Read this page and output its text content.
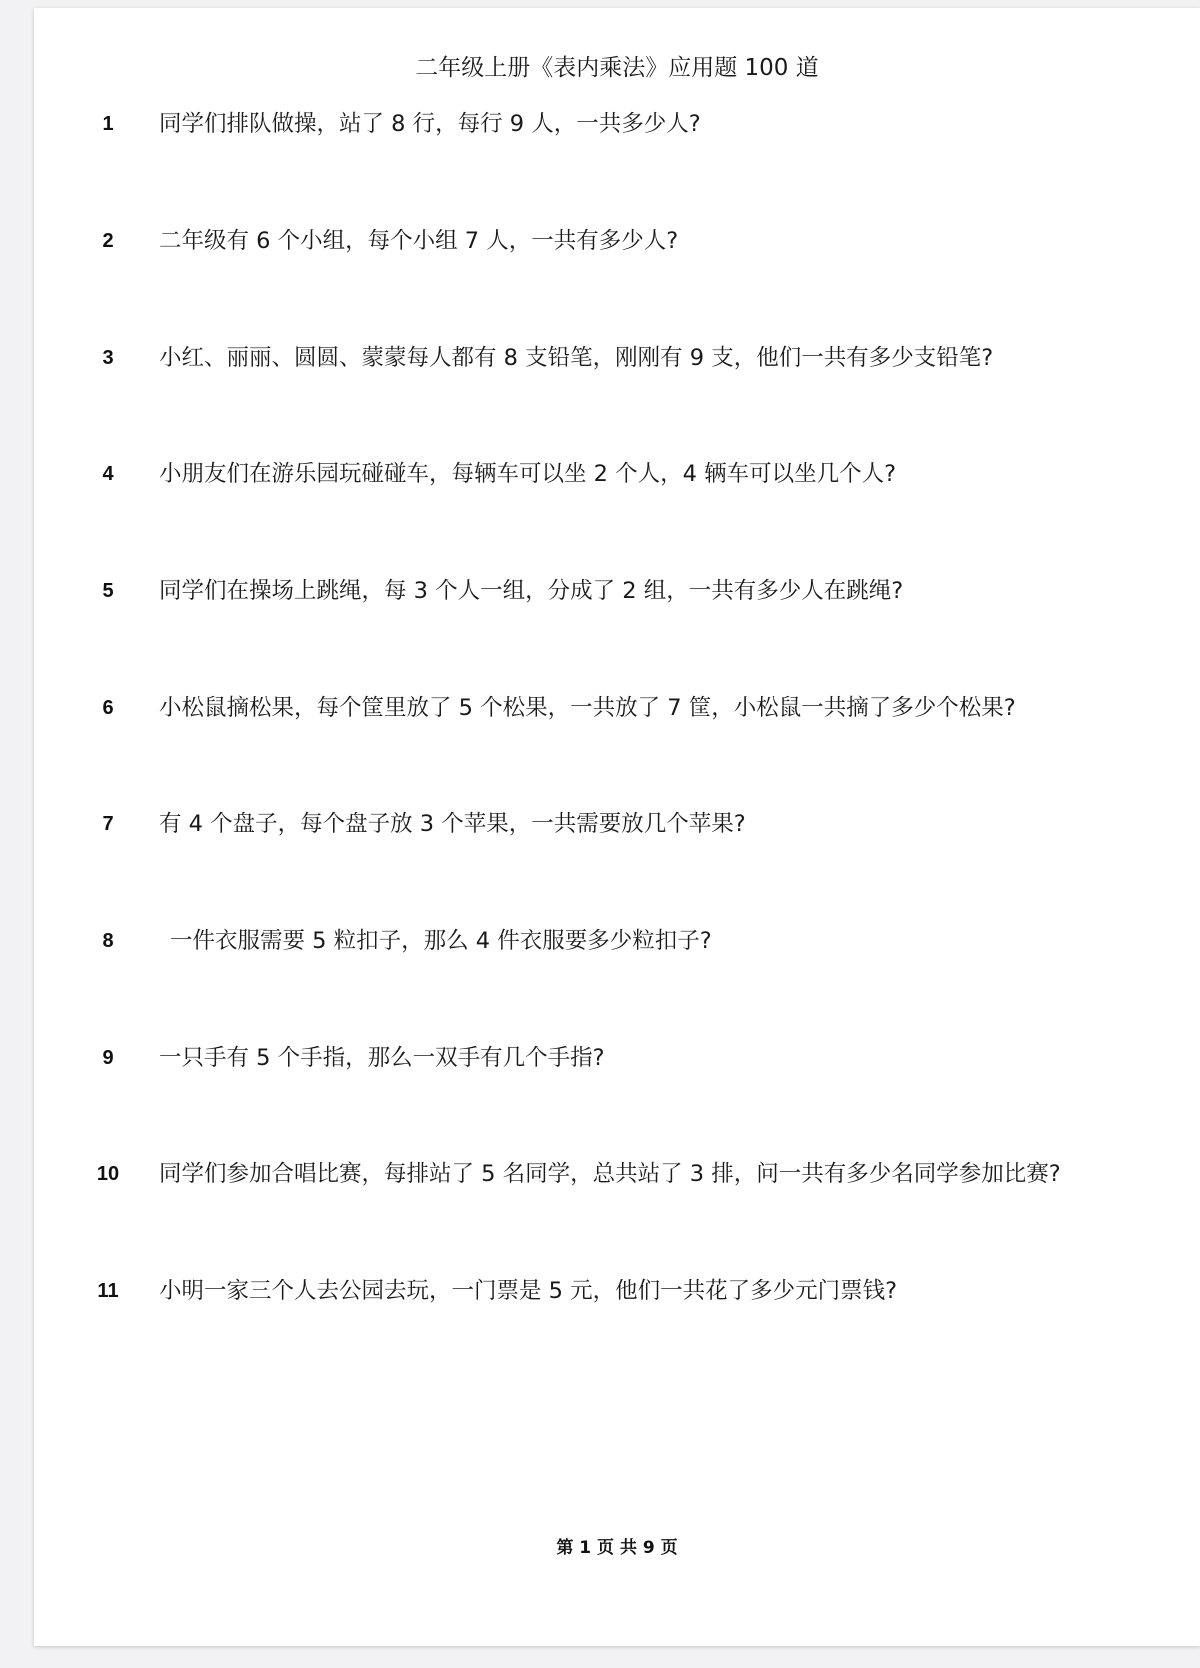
二年级上册《表内乘法》应用题 100 道
1	同学们排队做操，站了 8 行，每行 9 人，一共多少人?
2	二年级有 6 个小组，每个小组 7 人，一共有多少人?
3	小红、丽丽、圆圆、蒙蒙每人都有 8 支铅笔，刚刚有 9 支，他们一共有多少支铅笔?
4	小朋友们在游乐园玩碰碰车，每辆车可以坐 2 个人，4 辆车可以坐几个人?
5	同学们在操场上跳绳，每 3 个人一组，分成了 2 组，一共有多少人在跳绳?
6	小松鼠摘松果，每个筐里放了 5 个松果，一共放了 7 筐，小松鼠一共摘了多少个松果?
7	有 4 个盘子，每个盘子放 3 个苹果，一共需要放几个苹果?
8	一件衣服需要 5 粒扣子，那么 4 件衣服要多少粒扣子?
9	一只手有 5 个手指，那么一双手有几个手指?
10	同学们参加合唱比赛，每排站了 5 名同学，总共站了 3 排，问一共有多少名同学参加比赛?
11	小明一家三个人去公园去玩，一门票是 5 元，他们一共花了多少元门票钱?
第 1 页 共 9 页
